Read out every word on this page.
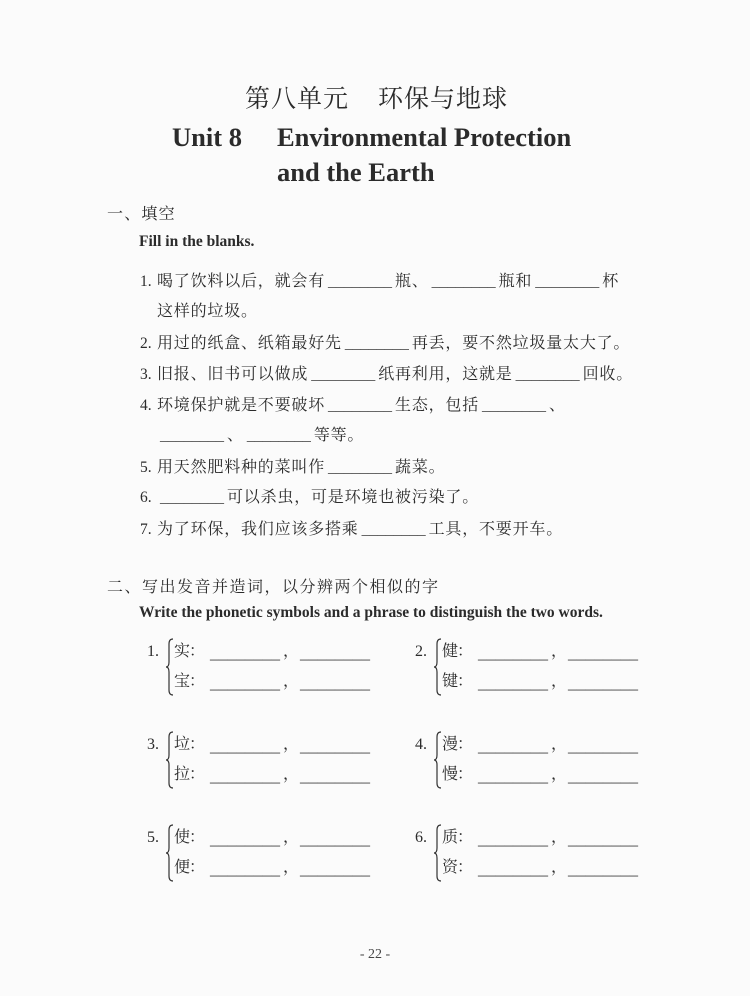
第八单元 环保与地球
Unit 8 Environmental Protection
and the Earth
一、填空
Fill in the blanks.
1. 喝了饮料以后，就会有 ________ 瓶、 ________ 瓶和 ________ 杯
这样的垃圾。
2. 用过的纸盒、纸箱最好先 ________ 再丢，要不然垃圾量太大了。
3. 旧报、旧书可以做成 ________ 纸再利用，这就是 ________ 回收。
4. 环境保护就是不要破坏 ________ 生态，包括 ________ 、
________ 、 ________ 等等。
5. 用天然肥料种的菜叫作 ________ 蔬菜。
6. ________ 可以杀虫，可是环境也被污染了。
7. 为了环保，我们应该多搭乘 ________ 工具，不要开车。
二、写出发音并造词，以分辨两个相似的字
Write the phonetic symbols and a phrase to distinguish the two words.
1. 实
： ________ ， ________
宝
： ________ ， ________
2. 健
： ________ ， ________
键
： ________ ， ________
3. 垃
： ________ ， ________
拉
： ________ ， ________
4. 漫
： ________ ， ________
慢
： ________ ， ________
5. 使
： ________ ， ________
便
： ________ ， ________
6. 质
： ________ ， ________
资
： ________ ， ________
- 22 -
